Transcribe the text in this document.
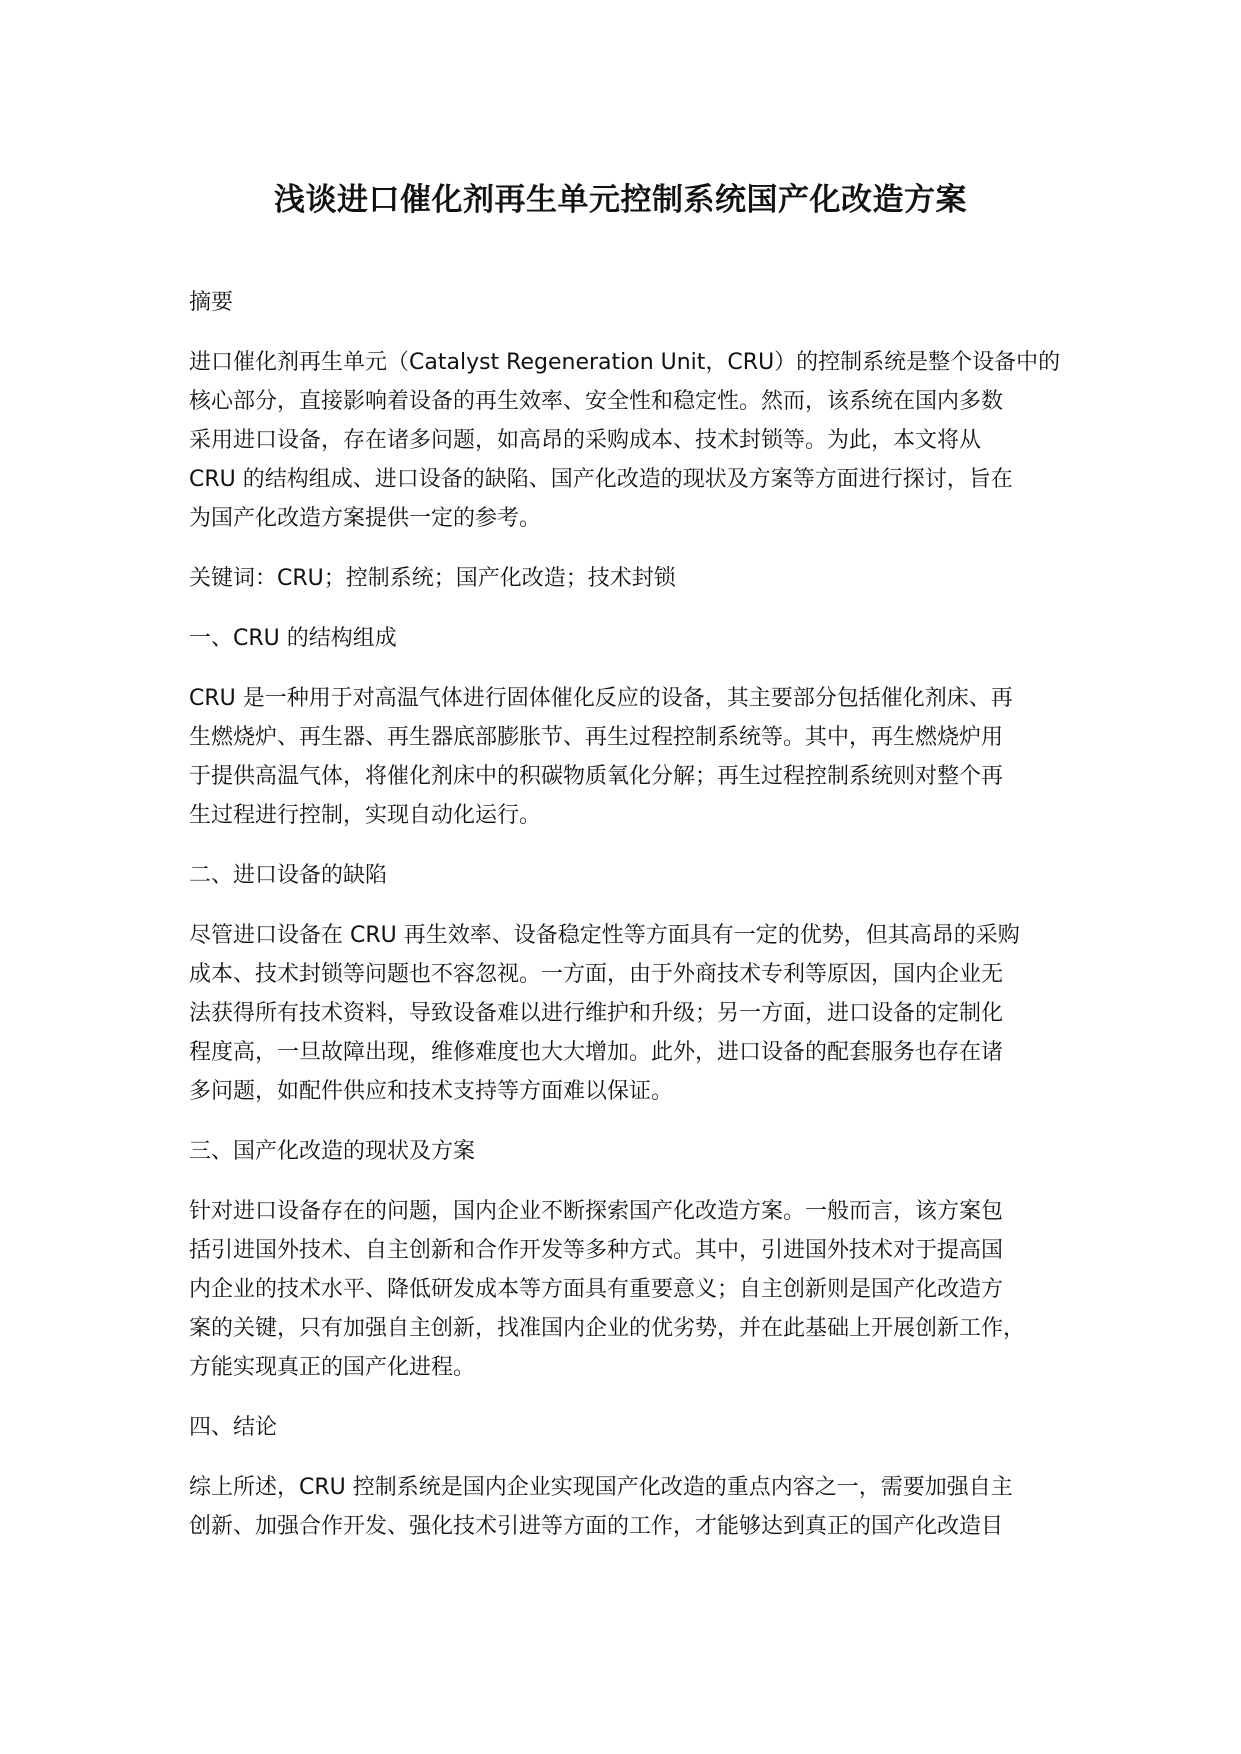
浅谈进口催化剂再生单元控制系统国产化改造方案
摘要
进口催化剂再生单元（Catalyst Regeneration Unit，CRU）的控制系统是整个设备中的
核心部分，直接影响着设备的再生效率、安全性和稳定性。然而，该系统在国内多数
采用进口设备，存在诸多问题，如高昂的采购成本、技术封锁等。为此，本文将从
CRU 的结构组成、进口设备的缺陷、国产化改造的现状及方案等方面进行探讨，旨在
为国产化改造方案提供一定的参考。
关键词：CRU；控制系统；国产化改造；技术封锁
一、CRU 的结构组成
CRU 是一种用于对高温气体进行固体催化反应的设备，其主要部分包括催化剂床、再
生燃烧炉、再生器、再生器底部膨胀节、再生过程控制系统等。其中，再生燃烧炉用
于提供高温气体，将催化剂床中的积碳物质氧化分解；再生过程控制系统则对整个再
生过程进行控制，实现自动化运行。
二、进口设备的缺陷
尽管进口设备在 CRU 再生效率、设备稳定性等方面具有一定的优势，但其高昂的采购
成本、技术封锁等问题也不容忽视。一方面，由于外商技术专利等原因，国内企业无
法获得所有技术资料，导致设备难以进行维护和升级；另一方面，进口设备的定制化
程度高，一旦故障出现，维修难度也大大增加。此外，进口设备的配套服务也存在诸
多问题，如配件供应和技术支持等方面难以保证。
三、国产化改造的现状及方案
针对进口设备存在的问题，国内企业不断探索国产化改造方案。一般而言，该方案包
括引进国外技术、自主创新和合作开发等多种方式。其中，引进国外技术对于提高国
内企业的技术水平、降低研发成本等方面具有重要意义；自主创新则是国产化改造方
案的关键，只有加强自主创新，找准国内企业的优劣势，并在此基础上开展创新工作，
方能实现真正的国产化进程。
四、结论
综上所述，CRU 控制系统是国内企业实现国产化改造的重点内容之一，需要加强自主
创新、加强合作开发、强化技术引进等方面的工作，才能够达到真正的国产化改造目
